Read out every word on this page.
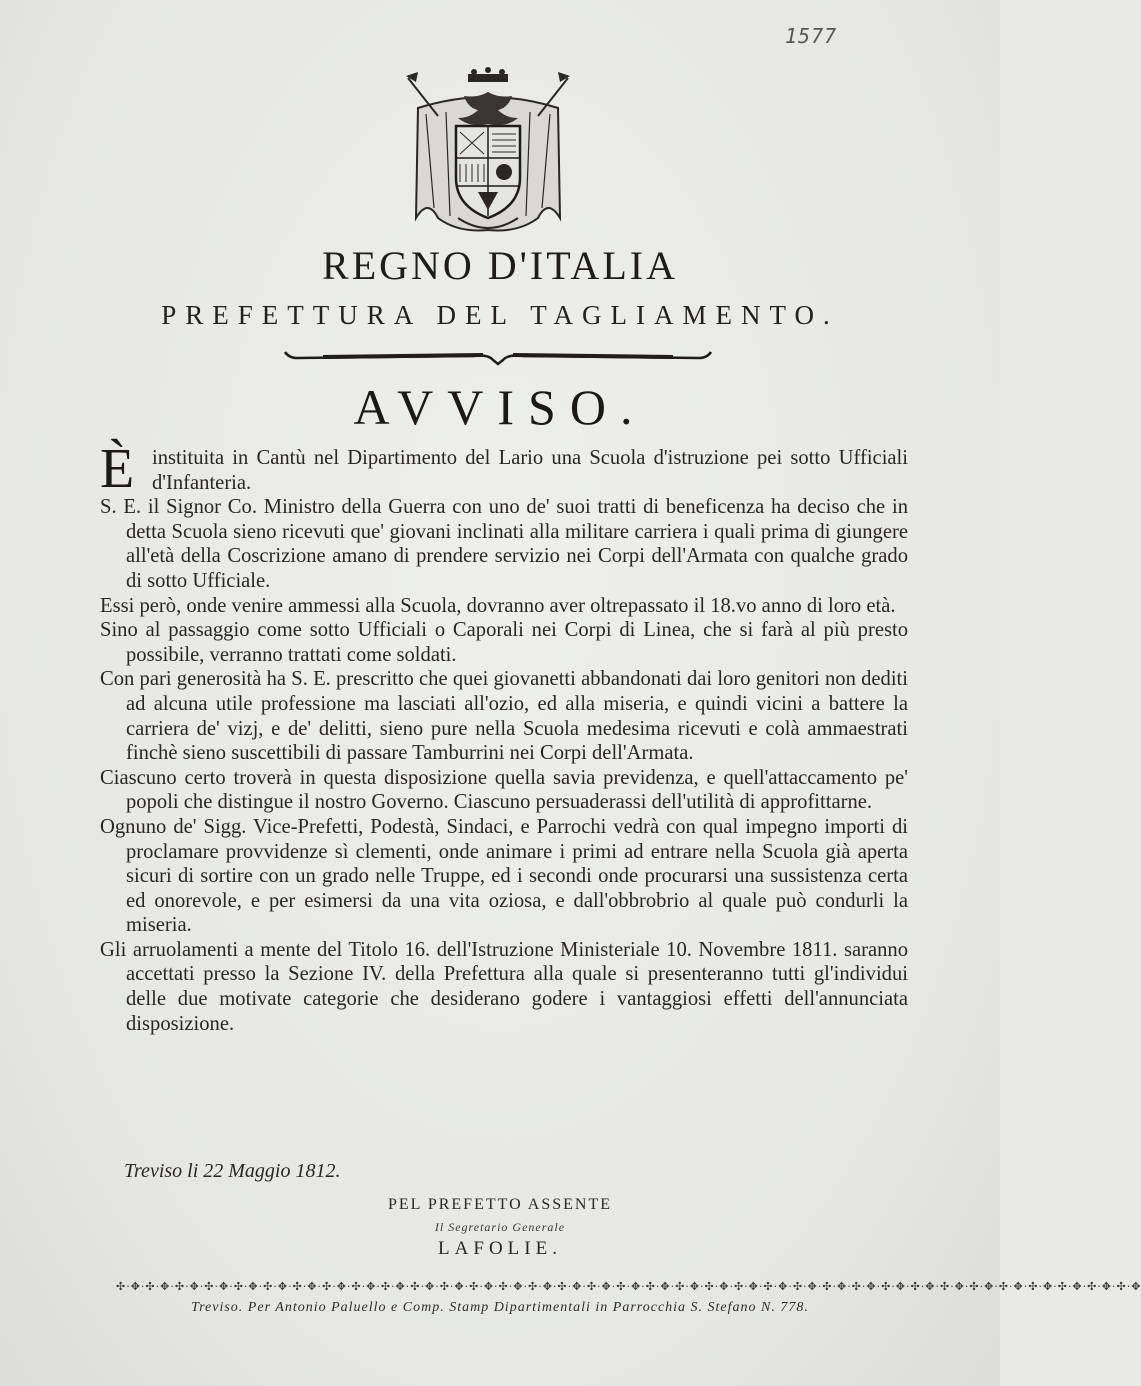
1577
REGNO D'ITALIA
PREFETTURA DEL TAGLIAMENTO.
AVVISO.

È instituita in Cantù nel Dipartimento del Lario una Scuola d'istruzione pei sotto Ufficiali d'Infanteria.

S. E. il Signor Co. Ministro della Guerra con uno de' suoi tratti di beneficenza ha deciso che in detta Scuola sieno ricevuti que' giovani inclinati alla militare carriera i quali prima di giungere all'età della Coscrizione amano di prendere servizio nei Corpi dell'Armata con qualche grado di sotto Ufficiale.

Essi però, onde venire ammessi alla Scuola, dovranno aver oltrepassato il 18.vo anno di loro età.

Sino al passaggio come sotto Ufficiali o Caporali nei Corpi di Linea, che si farà al più presto possibile, verranno trattati come soldati.

Con pari generosità ha S. E. prescritto che quei giovanetti abbandonati dai loro genitori non dediti ad alcuna utile professione ma lasciati all'ozio, ed alla miseria, e quindi vicini a battere la carriera de' vizj, e de' delitti, sieno pure nella Scuola medesima ricevuti e colà ammaestrati finchè sieno suscettibili di passare Tamburrini nei Corpi dell'Armata.

Ciascuno certo troverà in questa disposizione quella savia previdenza, e quell'attaccamento pe' popoli che distingue il nostro Governo. Ciascuno persuaderassi dell'utilità di approfittarne.

Ognuno de' Sigg. Vice-Prefetti, Podestà, Sindaci, e Parrochi vedrà con qual impegno importi di proclamare provvidenze sì clementi, onde animare i primi ad entrare nella Scuola già aperta sicuri di sortire con un grado nelle Truppe, ed i secondi onde procurarsi una sussistenza certa ed onorevole, e per esimersi da una vita oziosa, e dall'obbrobrio al quale può condurli la miseria.

Gli arruolamenti a mente del Titolo 16. dell'Istruzione Ministeriale 10. Novembre 1811. saranno accettati presso la Sezione IV. della Prefettura alla quale si presenteranno tutti gl'individui delle due motivate categorie che desiderano godere i vantaggiosi effetti dell'annunciata disposizione.

Treviso li 22 Maggio 1812.
PEL PREFETTO ASSENTE
Il Segretario Generale
LAFOLIE.
✣·✥·✣·✥·✣·✥·✣·✥·✣·✥·✣·✥·✣·✥·✣·✥·✣·✥·✣·✥·✣·✥·✣·✥·✣·✥·✣·✥·✣·✥·✣·✥·✣·✥·✣·✥·✣·✥·✣·✥·✣·✥·✣·✥·✣·✥·✣·✥·✣·✥·✣·✥·✣·✥·✣·✥·✣·✥·✣·✥·✣·✥·✣·✥·✣·✥·✣·✥·✣·✥
Treviso. Per Antonio Paluello e Comp. Stamp Dipartimentali in Parrocchia S. Stefano N. 778.
